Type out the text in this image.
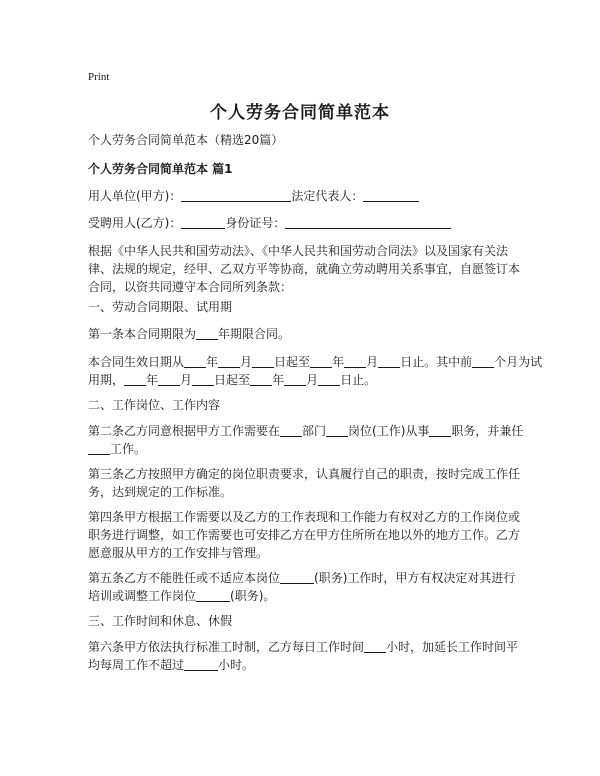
Print
个人劳务合同简单范本
个人劳务合同简单范本（精选20篇）
个人劳务合同简单范本 篇1
用人单位(甲方)：	法定代表人：
受聘用人(乙方)：	身份证号：
根据《中华人民共和国劳动法》、《中华人民共和国劳动合同法》以及国家有关法
律、法规的规定，经甲、乙双方平等协商，就确立劳动聘用关系事宜，自愿签订本
合同，以资共同遵守本合同所列条款：
一、劳动合同期限、试用期
第一条本合同期限为 年期限合同。
本合同生效日期从 年 月 日起至 年 月 日止。其中前 个月为试
用期， 年 月 日起至 年 月 日止。
二、工作岗位、工作内容
第二条乙方同意根据甲方工作需要在 部门 岗位(工作)从事 职务，并兼任
工作。
第三条乙方按照甲方确定的岗位职责要求，认真履行自己的职责，按时完成工作任
务，达到规定的工作标准。
第四条甲方根据工作需要以及乙方的工作表现和工作能力有权对乙方的工作岗位或
职务进行调整，如工作需要也可安排乙方在甲方住所所在地以外的地方工作。乙方
愿意服从甲方的工作安排与管理。
第五条乙方不能胜任或不适应本岗位	(职务)工作时，甲方有权决定对其进行
培训或调整工作岗位	(职务)。
三、工作时间和休息、休假
第六条甲方依法执行标准工时制，乙方每日工作时间 小时，加延长工作时间平
均每周工作不超过	小时。
